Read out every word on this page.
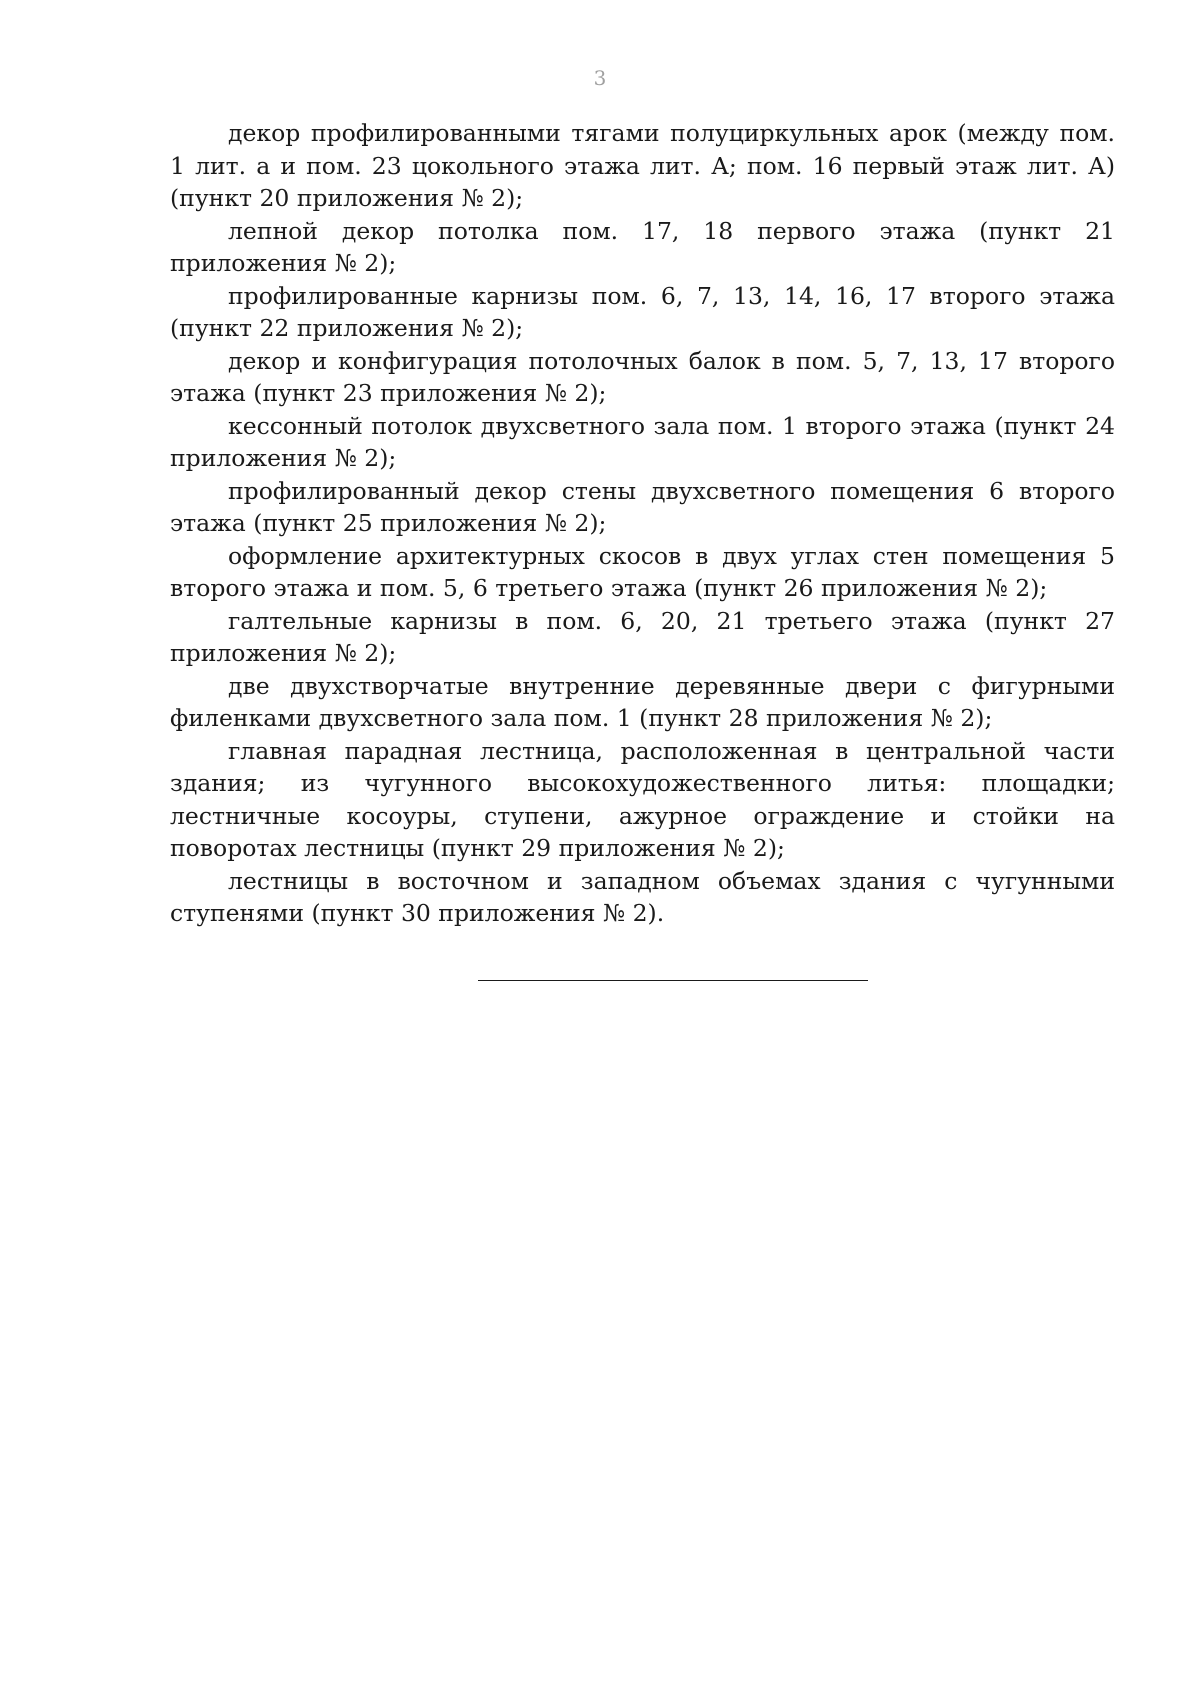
3

декор профилированными тягами полуциркульных арок (между пом. 1 лит. а и пом. 23 цокольного этажа лит. А; пом. 16 первый этаж лит. А) (пункт 20 приложения № 2);

лепной декор потолка пом. 17, 18 первого этажа (пункт 21 приложения № 2);

профилированные карнизы пом. 6, 7, 13, 14, 16, 17 второго этажа (пункт 22 приложения № 2);

декор и конфигурация потолочных балок в пом. 5, 7, 13, 17 второго этажа (пункт 23 приложения № 2);

кессонный потолок двухсветного зала пом. 1 второго этажа (пункт 24 приложения № 2);

профилированный декор стены двухсветного помещения 6 второго этажа (пункт 25 приложения № 2);

оформление архитектурных скосов в двух углах стен помещения 5 второго этажа и пом. 5, 6 третьего этажа (пункт 26 приложения № 2);

галтельные карнизы в пом. 6, 20, 21 третьего этажа (пункт 27 приложения № 2);

две двухстворчатые внутренние деревянные двери с фигурными филенками двухсветного зала пом. 1 (пункт 28 приложения № 2);

главная парадная лестница, расположенная в центральной части здания; из чугунного высокохудожественного литья: площадки; лестничные косоуры, ступени, ажурное ограждение и стойки на поворотах лестницы (пункт 29 приложения № 2);

лестницы в восточном и западном объемах здания с чугунными ступенями (пункт 30 приложения № 2).
